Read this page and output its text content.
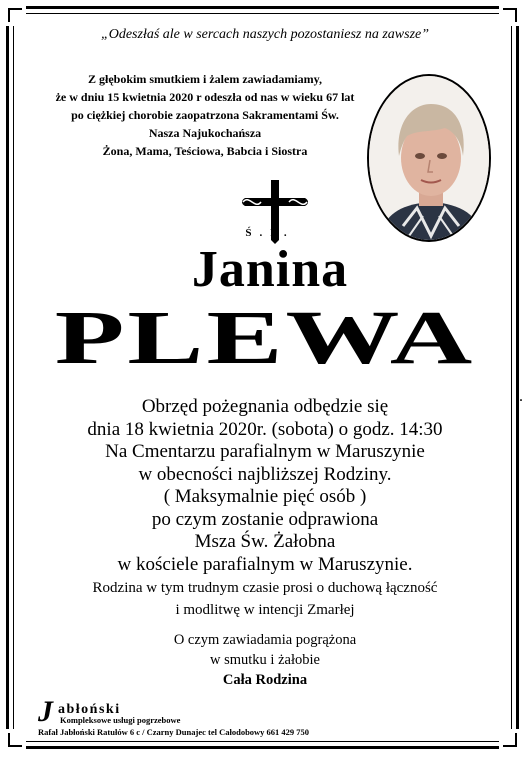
„Odeszłaś ale w sercach naszych pozostaniesz na zawsze”
Z głębokim smutkiem i żalem zawiadamiamy,
że w dniu 15 kwietnia 2020 r odeszła od nas w wieku 67 lat
po ciężkiej chorobie zaopatrzona Sakramentami Św.
Nasza Najukochańsza
Żona, Mama, Teściowa, Babcia i Siostra
Ś.P.
Janina
PLEWA
Obrzęd pożegnania odbędzie się
dnia 18 kwietnia 2020r. (sobota) o godz. 14:30
Na Cmentarzu parafialnym w Maruszynie
w obecności najbliższej Rodziny.
( Maksymalnie pięć osób )
po czym zostanie odprawiona
Msza Św. Żałobna
w kościele parafialnym w Maruszynie.
.
Rodzina w tym trudnym czasie prosi o duchową łączność
i modlitwę w intencji Zmarłej
O czym zawiadamia pogrążona
w smutku i żałobie
Cała Rodzina
J abłoński
Kompleksowe usługi pogrzebowe
Rafał Jabłoński Ratułów 6 c / Czarny Dunajec tel Całodobowy 661 429 750
